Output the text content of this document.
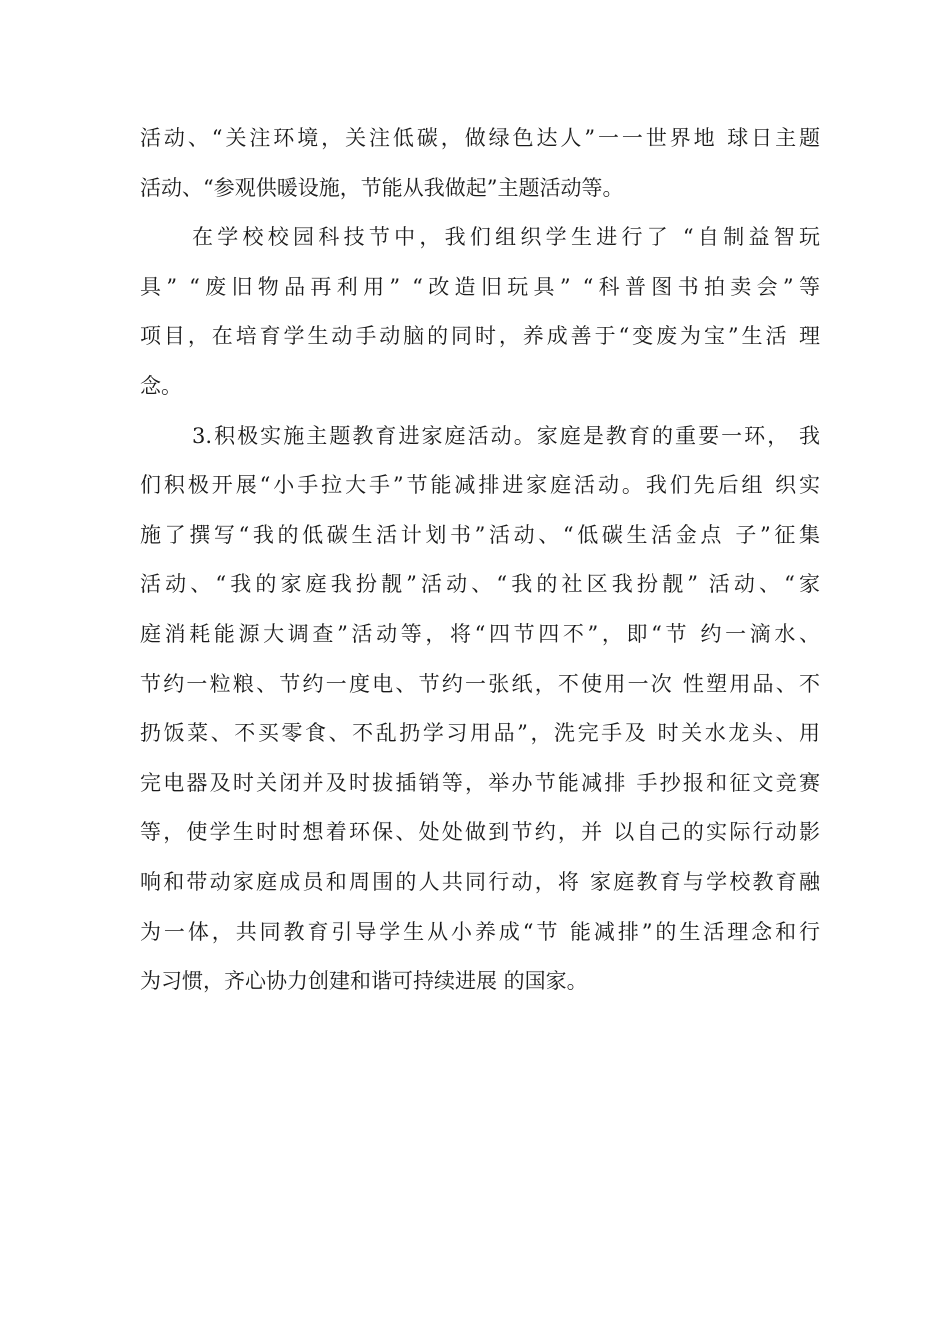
活动、“关注环境，关注低碳，做绿色达人”一一世界地 球日主题
活动、“参观供暖设施，节能从我做起”主题活动等。
在学校校园科技节中，我们组织学生进行了 “自制益智玩
具” “废旧物品再利用” “改造旧玩具” “科普图书拍卖会”等
项目，在培育学生动手动脑的同时，养成善于“变废为宝”生活 理
念。
3.积极实施主题教育进家庭活动。家庭是教育的重要一环， 我
们积极开展“小手拉大手”节能减排进家庭活动。我们先后组 织实
施了撰写“我的低碳生活计划书”活动、“低碳生活金点 子”征集
活动、“我的家庭我扮靓”活动、“我的社区我扮靓” 活动、“家
庭消耗能源大调查”活动等，将“四节四不”，即“节 约一滴水、
节约一粒粮、节约一度电、节约一张纸，不使用一次 性塑用品、不
扔饭菜、不买零食、不乱扔学习用品”，洗完手及 时关水龙头、用
完电器及时关闭并及时拔插销等，举办节能减排 手抄报和征文竞赛
等，使学生时时想着环保、处处做到节约，并 以自己的实际行动影
响和带动家庭成员和周围的人共同行动，将 家庭教育与学校教育融
为一体，共同教育引导学生从小养成“节 能减排”的生活理念和行
为习惯，齐心协力创建和谐可持续进展 的国家。
